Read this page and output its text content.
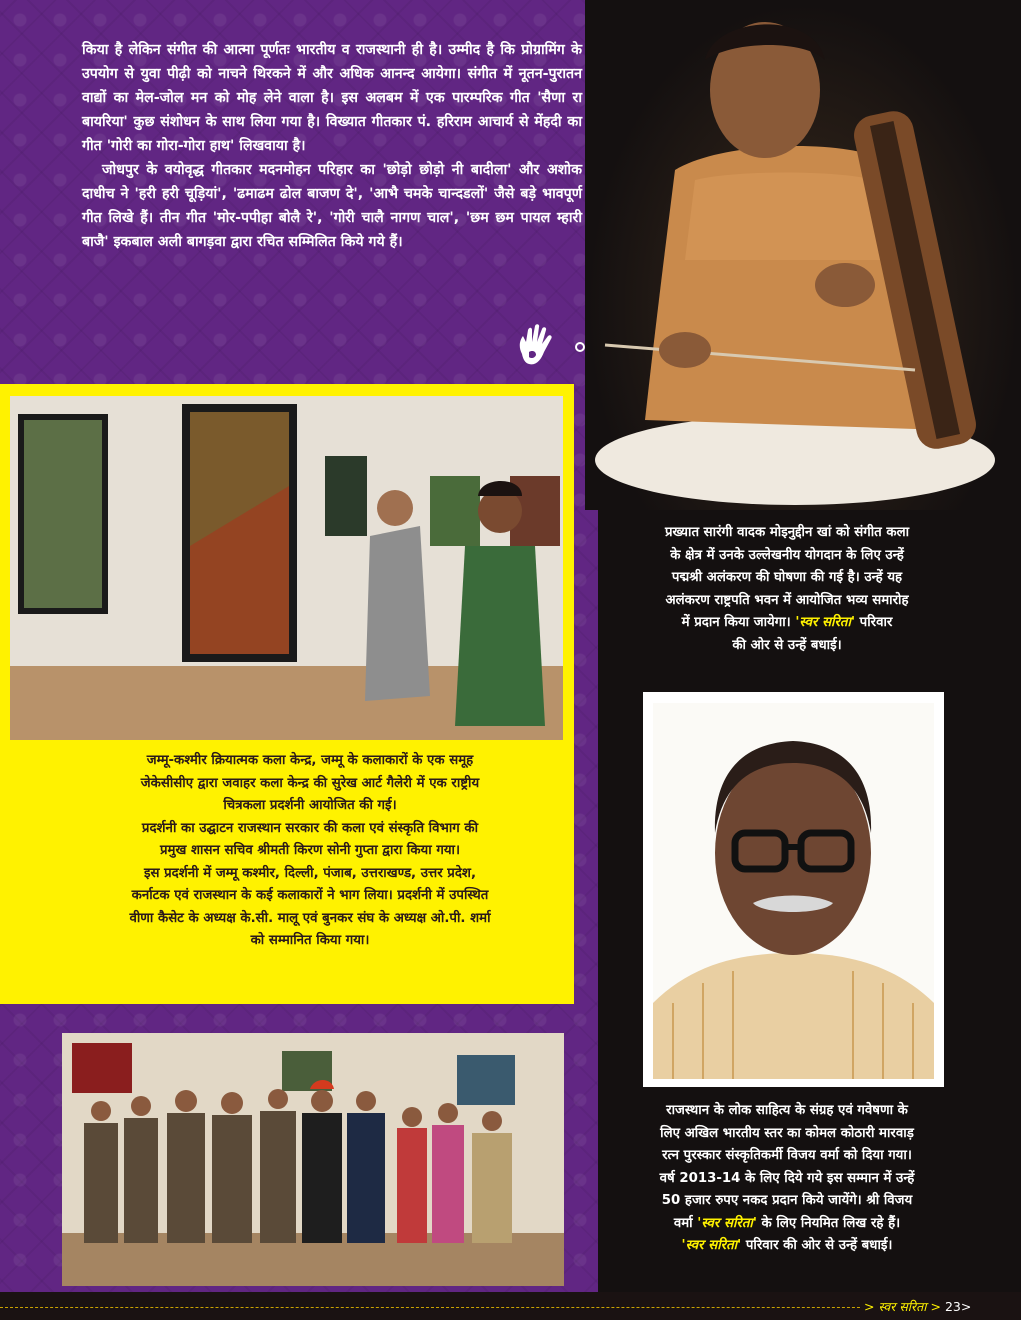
किया है लेकिन संगीत की आत्मा पूर्णतः भारतीय व राजस्थानी ही है। उम्मीद है कि प्रोग्रामिंग के उपयोग से युवा पीढ़ी को नाचने थिरकने में और अधिक आनन्द आयेगा। संगीत में नूतन-पुरातन वाद्यों का मेल-जोल मन को मोह लेने वाला है। इस अलबम में एक पारम्परिक गीत 'सैणा रा बायरिया' कुछ संशोधन के साथ लिया गया है। विख्यात गीतकार पं. हरिराम आचार्य से मेंहदी का गीत 'गोरी का गोरा-गोरा हाथ' लिखवाया है।

जोधपुर के वयोवृद्ध गीतकार मदनमोहन परिहार का 'छोड़ो छोड़ो नी बादीला' और अशोक दाधीच ने 'हरी हरी चूड़ियां', 'ढमाढम ढोल बाजण दे', 'आभै चमके चान्दडलों' जैसे बड़े भावपूर्ण गीत लिखे हैं। तीन गीत 'मोर-पपीहा बोलै रे', 'गोरी चालै नागण चाल', 'छम छम पायल म्हारी बाजै' इकबाल अली बागड़वा द्वारा रचित सम्मिलित किये गये हैं।

प्रख्यात सारंगी वादक मोइनुद्दीन खां को संगीत कला

के क्षेत्र में उनके उल्लेखनीय योगदान के लिए उन्हें

पद्मश्री अलंकरण की घोषणा की गई है। उन्हें यह

अलंकरण राष्ट्रपति भवन में आयोजित भव्य समारोह

में प्रदान किया जायेगा। 'स्वर सरिता' परिवार

की ओर से उन्हें बधाई।

जम्मू-कश्मीर क्रियात्मक कला केन्द्र, जम्मू के कलाकारों के एक समूह

जेकेसीसीए द्वारा जवाहर कला केन्द्र की सुरेख आर्ट गैलेरी में एक राष्ट्रीय

चित्रकला प्रदर्शनी आयोजित की गई।

प्रदर्शनी का उद्घाटन राजस्थान सरकार की कला एवं संस्कृति विभाग की

प्रमुख शासन सचिव श्रीमती किरण सोनी गुप्ता द्वारा किया गया।

इस प्रदर्शनी में जम्मू कश्मीर, दिल्ली, पंजाब, उत्तराखण्ड, उत्तर प्रदेश,

कर्नाटक एवं राजस्थान के कई कलाकारों ने भाग लिया। प्रदर्शनी में उपस्थित

वीणा कैसेट के अध्यक्ष के.सी. मालू एवं बुनकर संघ के अध्यक्ष ओ.पी. शर्मा

को सम्मानित किया गया।

राजस्थान के लोक साहित्य के संग्रह एवं गवेषणा के

लिए अखिल भारतीय स्तर का कोमल कोठारी मारवाड़

रत्न पुरस्कार संस्कृतिकर्मी विजय वर्मा को दिया गया।

वर्ष 2013-14 के लिए दिये गये इस सम्मान में उन्हें

50 हजार रुपए नकद प्रदान किये जायेंगे। श्री विजय

वर्मा 'स्वर सरिता' के लिए नियमित लिख रहे हैं।

'स्वर सरिता' परिवार की ओर से उन्हें बधाई।

> स्वर सरिता > 23>
